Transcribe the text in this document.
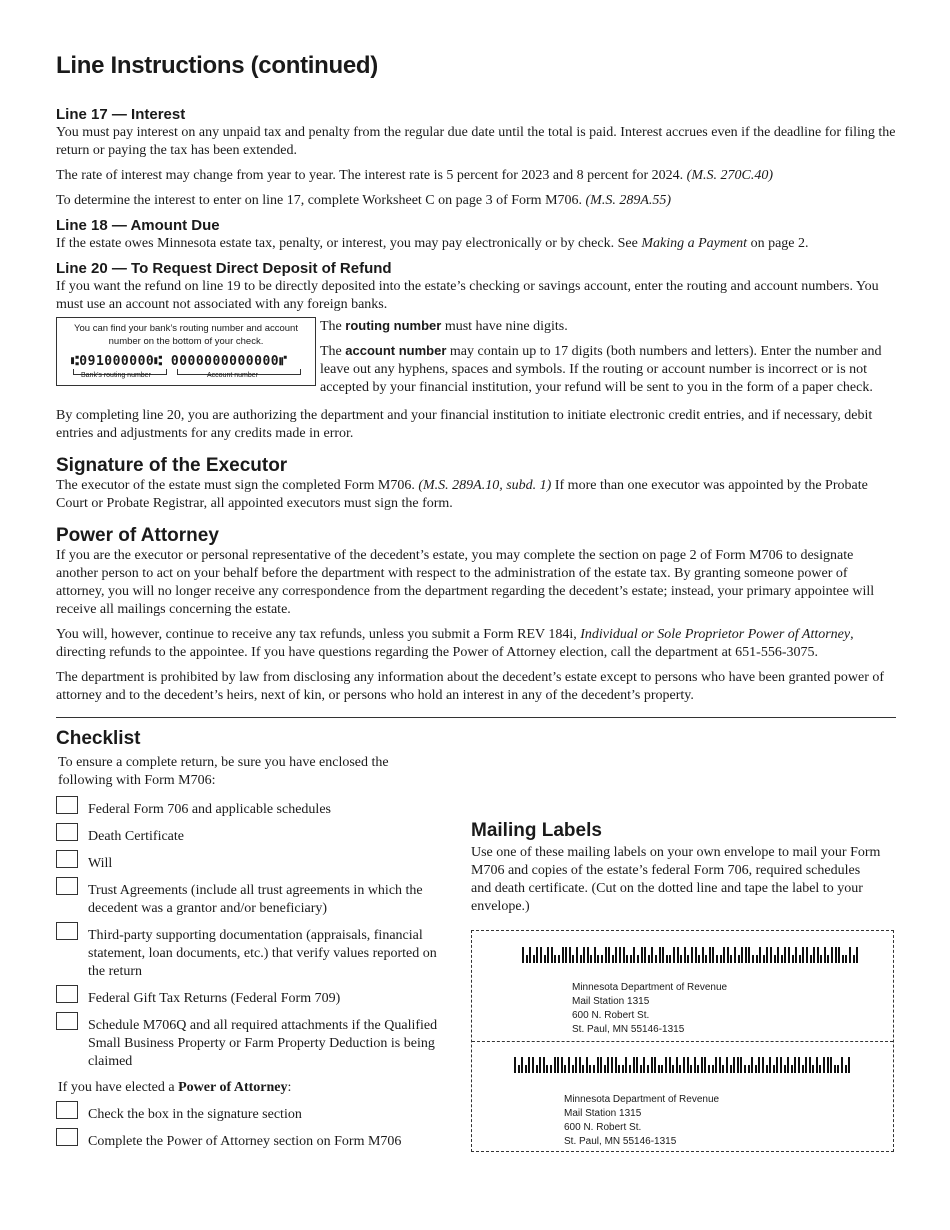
Line Instructions (continued)
Line 17 — Interest

You must pay interest on any unpaid tax and penalty from the regular due date until the total is paid. Interest accrues even if the deadline for filing the return or paying the tax has been extended.

The rate of interest may change from year to year. The interest rate is 5 percent for 2023 and 8 percent for 2024. (M.S. 270C.40)

To determine the interest to enter on line 17, complete Worksheet C on page 3 of Form M706. (M.S. 289A.55)

Line 18 — Amount Due

If the estate owes Minnesota estate tax, penalty, or interest, you may pay electronically or by check. See Making a Payment on page 2.

Line 20 — To Request Direct Deposit of Refund

If you want the refund on line 19 to be directly deposited into the estate’s checking or savings account, enter the routing and account numbers. You must use an account not associated with any foreign banks.

You can find your bank’s routing number and account number on the bottom of your check.
⑆091000000⑆ 0000000000000⑈
Bank’s routing number	Account number

The routing number must have nine digits.

The account number may contain up to 17 digits (both numbers and letters). Enter the number and leave out any hyphens, spaces and symbols. If the routing or account number is incorrect or is not accepted by your financial institution, your refund will be sent to you in the form of a paper check.

By completing line 20, you are authorizing the department and your financial institution to initiate electronic credit entries, and if necessary, debit entries and adjustments for any credits made in error.

Signature of the Executor

The executor of the estate must sign the completed Form M706. (M.S. 289A.10, subd. 1) If more than one executor was appointed by the Probate Court or Probate Registrar, all appointed executors must sign the form.

Power of Attorney

If you are the executor or personal representative of the decedent’s estate, you may complete the section on page 2 of Form M706 to designate another person to act on your behalf before the department with respect to the administration of the estate tax. By granting someone power of attorney, you will no longer receive any correspondence from the department regarding the decedent’s estate; instead, your primary appointee will receive all mailings concerning the estate.

You will, however, continue to receive any tax refunds, unless you submit a Form REV 184i, Individual or Sole Proprietor Power of Attorney, directing refunds to the appointee. If you have questions regarding the Power of Attorney election, call the department at 651-556-3075.

The department is prohibited by law from disclosing any information about the decedent’s estate except to persons who have been granted power of attorney and to the decedent’s heirs, next of kin, or persons who hold an interest in any of the decedent’s property.

Checklist

To ensure a complete return, be sure you have enclosed the following with Form M706:

Federal Form 706 and applicable schedules
Death Certificate
Will
Trust Agreements (include all trust agreements in which the decedent was a grantor and/or beneficiary)
Third-party supporting documentation (appraisals, financial statement, loan documents, etc.) that verify values reported on the return
Federal Gift Tax Returns (Federal Form 709)
Schedule M706Q and all required attachments if the Qualified Small Business Property or Farm Property Deduction is being claimed

If you have elected a Power of Attorney:

Check the box in the signature section
Complete the Power of Attorney section on Form M706
Mailing Labels

Use one of these mailing labels on your own envelope to mail your Form M706 and copies of the estate’s federal Form 706, required schedules and death certificate. (Cut on the dotted line and tape the label to your envelope.)

Minnesota Department of Revenue
Mail Station 1315
600 N. Robert St.
St. Paul, MN 55146-1315
Minnesota Department of Revenue
Mail Station 1315
600 N. Robert St.
St. Paul, MN 55146-1315
